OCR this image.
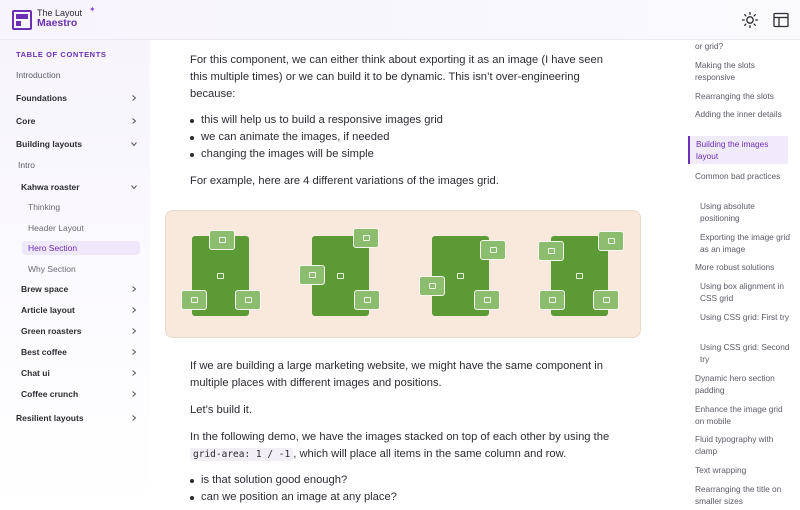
The Layout
Maestro
✦
TABLE OF CONTENTS
Introduction
Foundations
Core
Building layouts
Intro
Kahwa roaster
Thinking
Header Layout
Hero Section
Why Section
Brew space
Article layout
Green roasters
Best coffee
Chat ui
Coffee crunch
Resilient layouts

For this component, we can either think about exporting it as an image (I have seen this multiple times) or we can build it to be dynamic. This isn’t over-engineering because:

this will help us to build a responsive images grid
we can animate the images, if needed
changing the images will be simple

For example, here are 4 different variations of the images grid.

If we are building a large marketing website, we might have the same component in multiple places with different images and positions.

Let’s build it.

In the following demo, we have the images stacked on top of each other by using the grid-area: 1 / -1 , which will place all items in the same column and row.

is that solution good enough?
can we position an image at any place?
or grid?
Making the slots responsive
Rearranging the slots
Adding the inner details
Building the images layout
Common bad practices
Using absolute positioning
Exporting the image grid as an image
More robust solutions
Using box alignment in CSS grid
Using CSS grid: First try
Using CSS grid: Second try
Dynamic hero section padding
Enhance the image grid on mobile
Fluid typography with clamp
Text wrapping
Rearranging the title on smaller sizes
